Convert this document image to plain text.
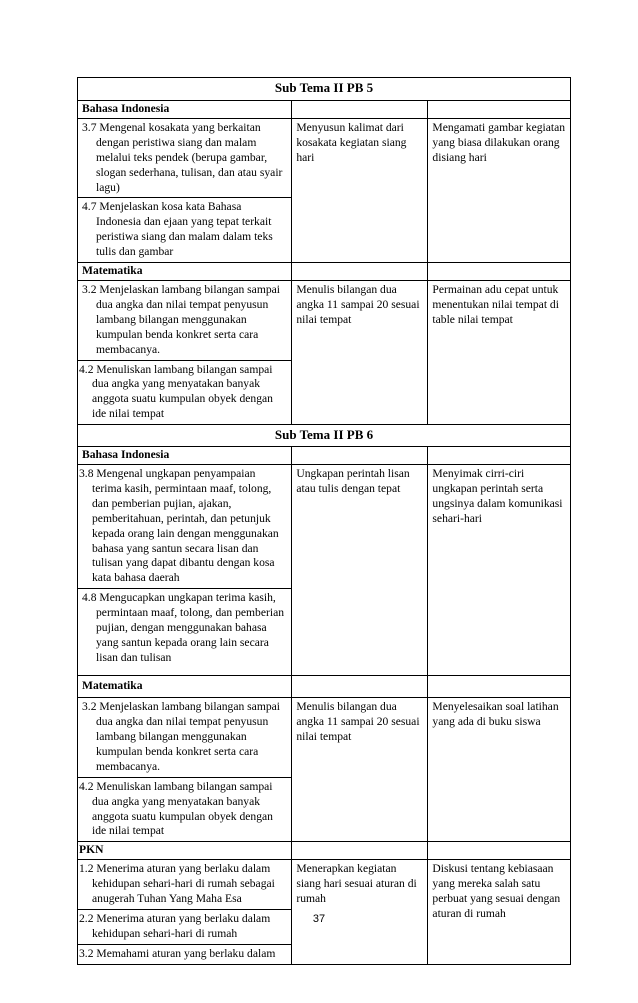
Sub Tema II PB 5		
Bahasa Indonesia		
3.7 Mengenal kosakata yang berkaitan dengan peristiwa siang dan malam melalui teks pendek (berupa gambar, slogan sederhana, tulisan, dan atau syair lagu)	Menyusun kalimat dari kosakata kegiatan siang hari	Mengamati gambar kegiatan yang biasa dilakukan orang disiang hari
4.7 Menjelaskan kosa kata Bahasa Indonesia dan ejaan yang tepat terkait peristiwa siang dan malam dalam teks tulis dan gambar		
Matematika		
3.2 Menjelaskan lambang bilangan sampai dua angka dan nilai tempat penyusun lambang bilangan menggunakan kumpulan benda konkret serta cara membacanya.	Menulis bilangan dua angka 11 sampai 20 sesuai nilai tempat	Permainan adu cepat untuk menentukan nilai tempat di table nilai tempat
4.2 Menuliskan lambang bilangan sampai dua angka yang menyatakan banyak anggota suatu kumpulan obyek dengan ide nilai tempat		
Sub Tema II PB 6		
Bahasa Indonesia		
3.8 Mengenal ungkapan penyampaian terima kasih, permintaan maaf, tolong, dan pemberian pujian, ajakan, pemberitahuan, perintah, dan petunjuk kepada orang lain dengan menggunakan bahasa yang santun secara lisan dan tulisan yang dapat dibantu dengan kosa kata bahasa daerah	Ungkapan perintah lisan atau tulis dengan tepat	Menyimak cirri-ciri ungkapan perintah serta ungsinya dalam komunikasi sehari-hari
4.8 Mengucapkan ungkapan terima kasih, permintaan maaf, tolong, dan pemberian pujian, dengan menggunakan bahasa yang santun kepada orang lain secara lisan dan tulisan		
Matematika		
3.2 Menjelaskan lambang bilangan sampai dua angka dan nilai tempat penyusun lambang bilangan menggunakan kumpulan benda konkret serta cara membacanya.	Menulis bilangan dua angka 11 sampai 20 sesuai nilai tempat	Menyelesaikan soal latihan yang ada di buku siswa
4.2 Menuliskan lambang bilangan sampai dua angka yang menyatakan banyak anggota suatu kumpulan obyek dengan ide nilai tempat		
PKN		
1.2 Menerima aturan yang berlaku dalam kehidupan sehari-hari di rumah sebagai anugerah Tuhan Yang Maha Esa	Menerapkan kegiatan siang hari sesuai aturan di rumah	Diskusi tentang kebiasaan yang mereka salah satu perbuat yang sesuai dengan aturan di rumah
2.2 Menerima aturan yang berlaku dalam kehidupan sehari-hari di rumah		
3.2 Memahami aturan yang berlaku dalam		
37
